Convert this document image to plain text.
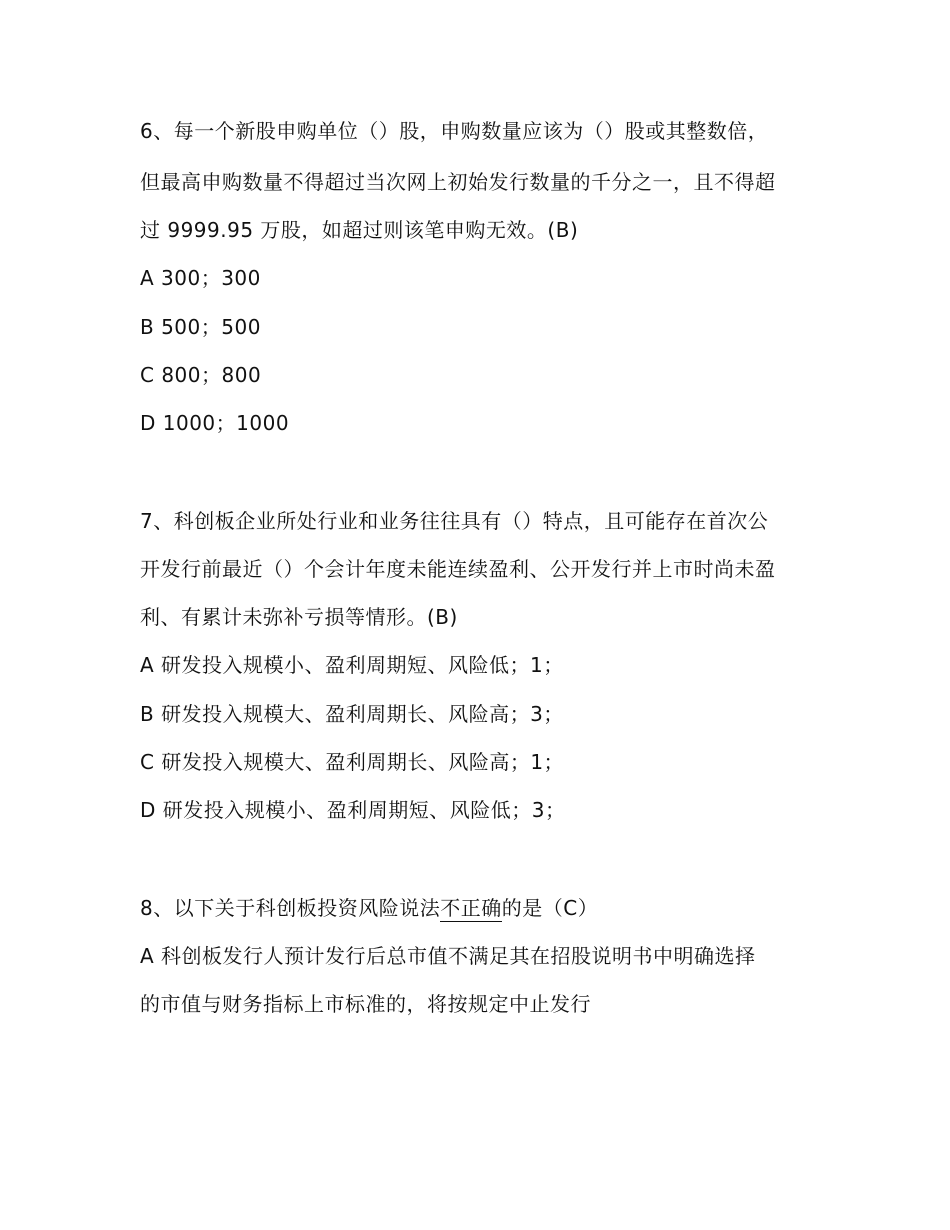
6、每一个新股申购单位（）股，申购数量应该为（）股或其整数倍，
但最高申购数量不得超过当次网上初始发行数量的千分之一，且不得超
过 9999.95 万股，如超过则该笔申购无效。(B)
A 300；300
B 500；500
C 800；800
D 1000；1000
7、科创板企业所处行业和业务往往具有（）特点，且可能存在首次公
开发行前最近（）个会计年度未能连续盈利、公开发行并上市时尚未盈
利、有累计未弥补亏损等情形。(B)
A 研发投入规模小、盈利周期短、风险低；1；
B 研发投入规模大、盈利周期长、风险高；3；
C 研发投入规模大、盈利周期长、风险高；1；
D 研发投入规模小、盈利周期短、风险低；3；
8、以下关于科创板投资风险说法不正确的是（C）
A 科创板发行人预计发行后总市值不满足其在招股说明书中明确选择
的市值与财务指标上市标准的，将按规定中止发行
